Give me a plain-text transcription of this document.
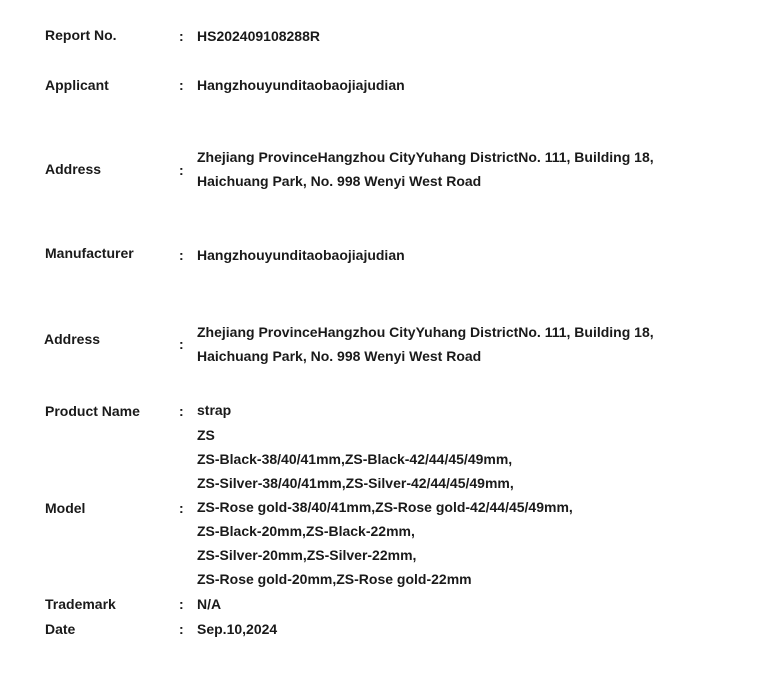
Report No.	: HS202409108288R
Applicant	: Hangzhouyunditaobaojiajudian
Address	:
Zhejiang ProvinceHangzhou CityYuhang DistrictNo. 111, Building 18,
Haichuang Park, No. 998 Wenyi West Road
Manufacturer	: Hangzhouyunditaobaojiajudian
Address	:
Zhejiang ProvinceHangzhou CityYuhang DistrictNo. 111, Building 18,
Haichuang Park, No. 998 Wenyi West Road
Product Name	: strap
Model	:
ZS
ZS-Black-38/40/41mm,ZS-Black-42/44/45/49mm,
ZS-Silver-38/40/41mm,ZS-Silver-42/44/45/49mm,
ZS-Rose gold-38/40/41mm,ZS-Rose gold-42/44/45/49mm,
ZS-Black-20mm,ZS-Black-22mm,
ZS-Silver-20mm,ZS-Silver-22mm,
ZS-Rose gold-20mm,ZS-Rose gold-22mm
Trademark	: N/A
Date	: Sep.10,2024
